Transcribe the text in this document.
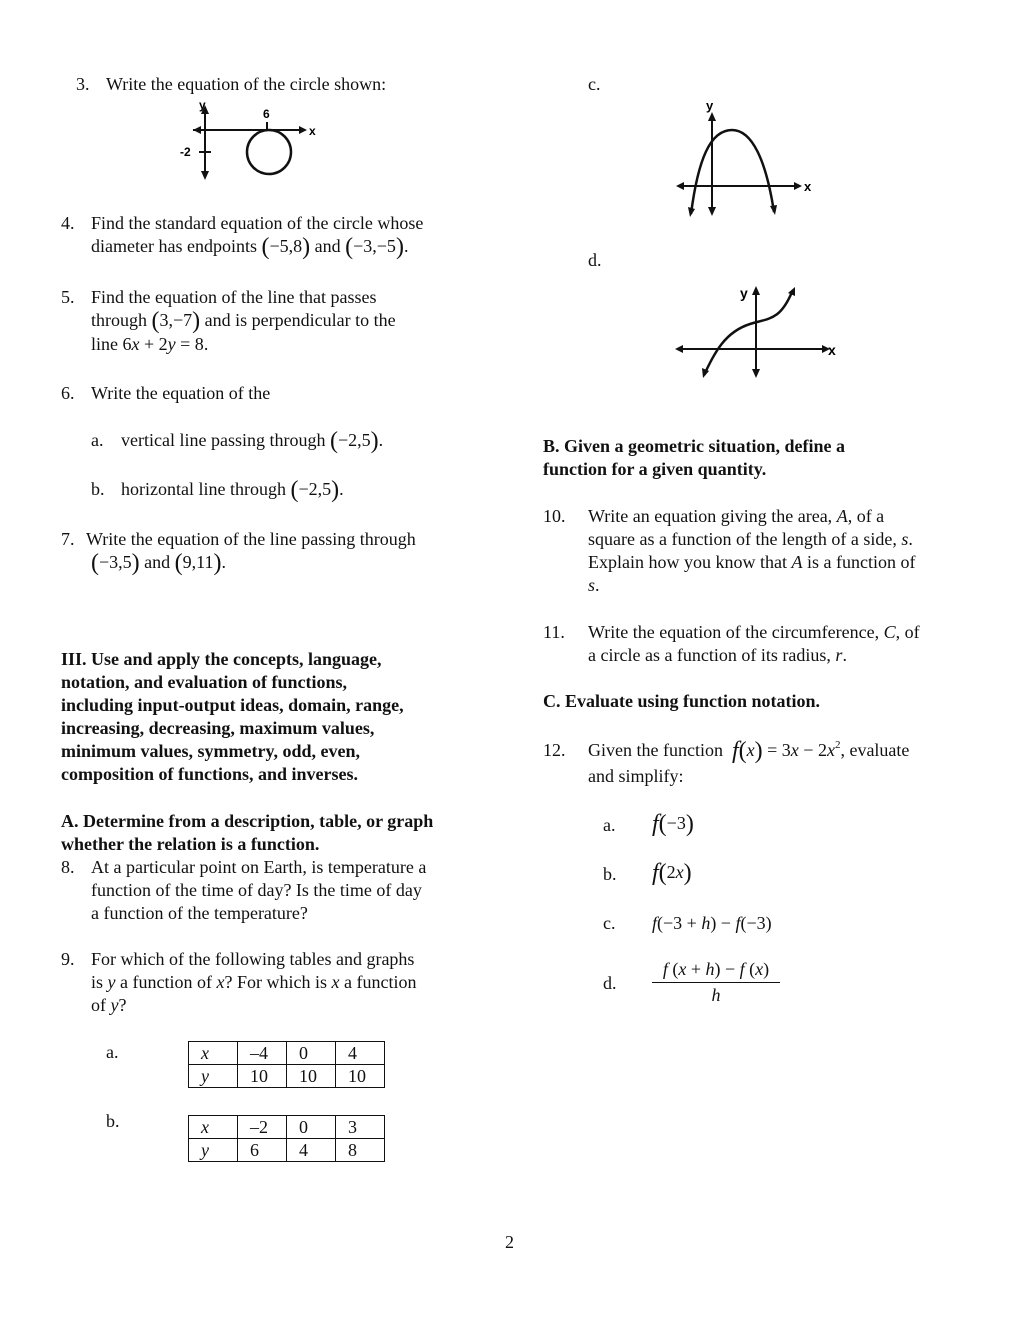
3. Write the equation of the circle shown:
y
6
x
-2
4. Find the standard equation of the circle whose
diameter has endpoints (−5,8) and (−3,−5).
5. Find the equation of the line that passes
through (3,−7) and is perpendicular to the
line 6x + 2y = 8.
6. Write the equation of the
a. vertical line passing through (−2,5).
b. horizontal line through (−2,5).
7. Write the equation of the line passing through
(−3,5) and (9,11).
III. Use and apply the concepts, language,
notation, and evaluation of functions,
including input-output ideas, domain, range,
increasing, decreasing, maximum values,
minimum values, symmetry, odd, even,
composition of functions, and inverses.
A. Determine from a description, table, or graph
whether the relation is a function.
8. At a particular point on Earth, is temperature a
function of the time of day? Is the time of day
a function of the temperature?
9. For which of the following tables and graphs
is y a function of x? For which is x a function
of y?
a.	x	–4	0	4
y	10	10	10
b.	x	–2	0	3
y	6	4	8
c.
y
x
d.
y
x
B. Given a geometric situation, define a
function for a given quantity.
10. Write an equation giving the area, A, of a
square as a function of the length of a side, s.
Explain how you know that A is a function of
s.
11. Write the equation of the circumference, C, of
a circle as a function of its radius, r.
C. Evaluate using function notation.
12. Given the function $f(x) = 3x - 2x^2$, evaluate
and simplify:
a. f(−3)
b. f(2x)
c. f(−3 + h) − f(−3)
d. $\frac{f (x + h) - f (x)}{h}$
2
